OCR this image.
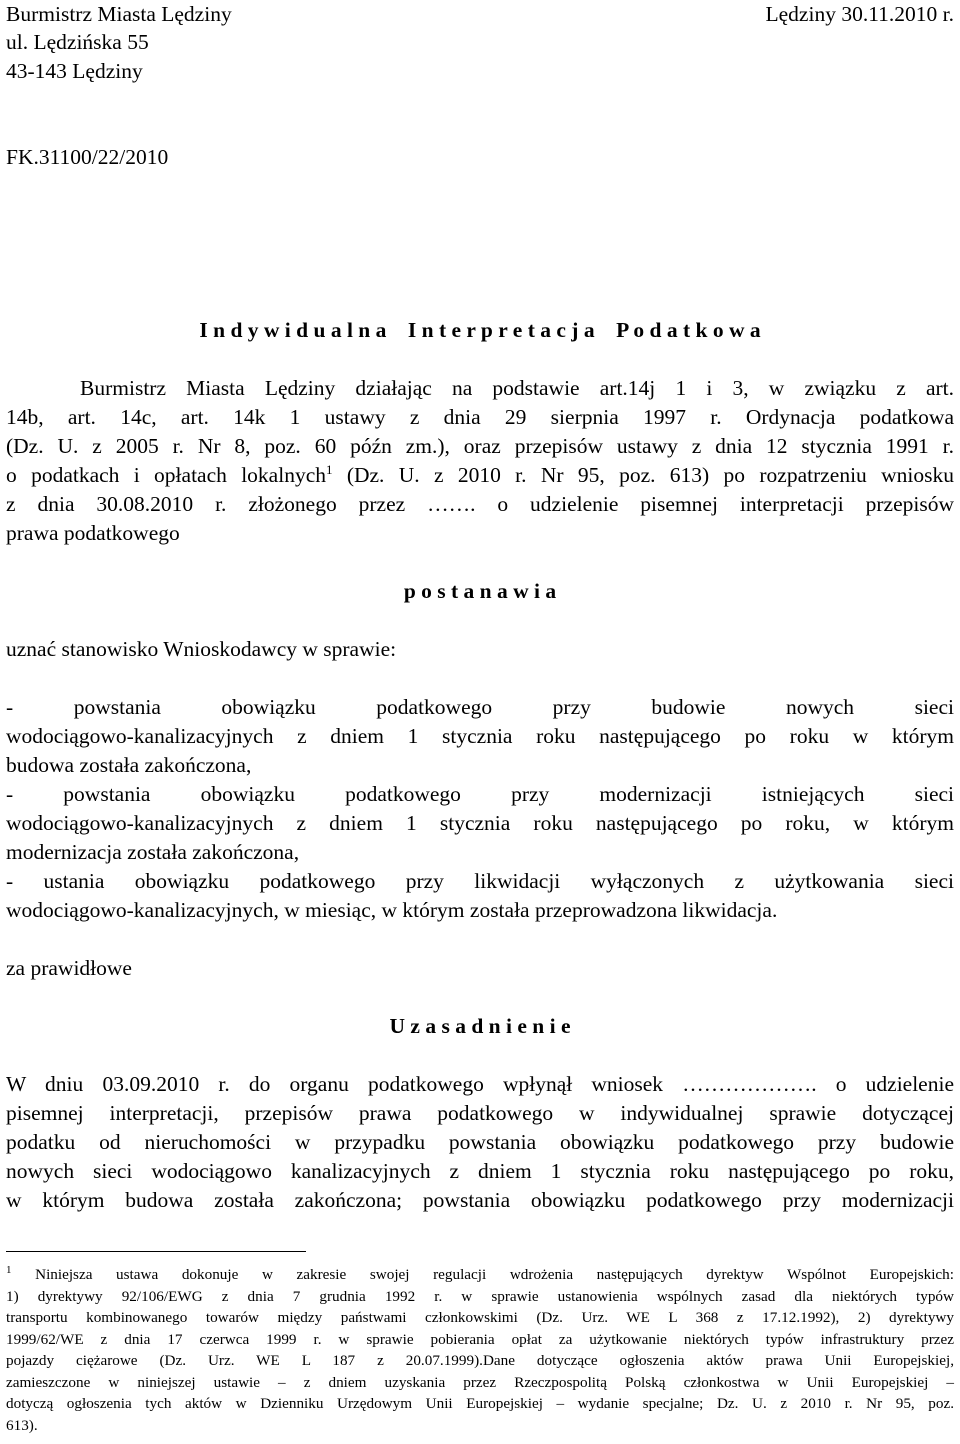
Burmistrz Miasta Lędziny	Lędziny 30.11.2010 r.
ul. Lędzińska 55
43-143 Lędziny
FK.31100/22/2010
I n d y w i d u a l n a    I n t e r p r e t a c j a    P o d a t k o w a
Burmistrz Miasta Lędziny działając na podstawie art.14j 1 i 3, w związku z art.
14b, art. 14c, art. 14k 1 ustawy z dnia 29 sierpnia 1997 r. Ordynacja podatkowa
(Dz. U. z 2005 r. Nr 8, poz. 60 późn zm.), oraz przepisów ustawy z dnia 12 stycznia 1991 r.
o podatkach i opłatach lokalnych$^1$ (Dz. U. z 2010 r. Nr 95, poz. 613) po rozpatrzeniu wniosku
z dnia 30.08.2010 r. złożonego przez ……. o udzielenie pisemnej interpretacji przepisów
prawa podatkowego
p o s t a n a w i a
uznać stanowisko Wnioskodawcy w sprawie:
- powstania obowiązku podatkowego przy budowie nowych sieci
wodociągowo-kanalizacyjnych z dniem 1 stycznia roku następującego po roku w którym
budowa została zakończona,
- powstania obowiązku podatkowego przy modernizacji istniejących sieci
wodociągowo-kanalizacyjnych z dniem 1 stycznia roku następującego po roku, w którym
modernizacja została zakończona,
- ustania obowiązku podatkowego przy likwidacji wyłączonych z użytkowania sieci
wodociągowo-kanalizacyjnych, w miesiąc, w którym została przeprowadzona likwidacja.
za prawidłowe
U z a s a d n i e n i e
W dniu 03.09.2010 r. do organu podatkowego wpłynął wniosek ………………. o udzielenie
pisemnej interpretacji, przepisów prawa podatkowego w indywidualnej sprawie dotyczącej
podatku od nieruchomości w przypadku powstania obowiązku podatkowego przy budowie
nowych sieci wodociągowo kanalizacyjnych z dniem 1 stycznia roku następującego po roku,
w którym budowa została zakończona; powstania obowiązku podatkowego przy modernizacji
$^1$ Niniejsza ustawa dokonuje w zakresie swojej regulacji wdrożenia następujących dyrektyw Wspólnot Europejskich:
1) dyrektywy 92/106/EWG z dnia 7 grudnia 1992 r. w sprawie ustanowienia wspólnych zasad dla niektórych typów
transportu kombinowanego towarów między państwami członkowskimi (Dz. Urz. WE L 368 z 17.12.1992), 2) dyrektywy
1999/62/WE z dnia 17 czerwca 1999 r. w sprawie pobierania opłat za użytkowanie niektórych typów infrastruktury przez
pojazdy ciężarowe (Dz. Urz. WE L 187 z 20.07.1999).Dane dotyczące ogłoszenia aktów prawa Unii Europejskiej,
zamieszczone w niniejszej ustawie – z dniem uzyskania przez Rzeczpospolitą Polską członkostwa w Unii Europejskiej –
dotyczą ogłoszenia tych aktów w Dzienniku Urzędowym Unii Europejskiej – wydanie specjalne; Dz. U. z 2010 r. Nr 95, poz.
613).
